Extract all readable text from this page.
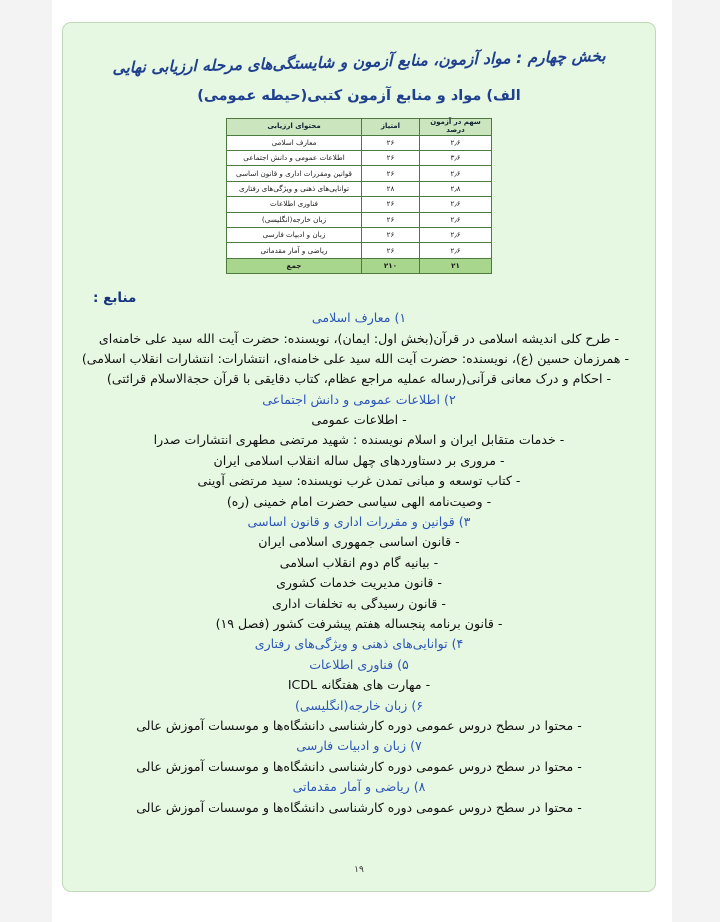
بخش چهارم : مواد آزمون، منابع آزمون و شایستگی‌های مرحله ارزیابی نهایی
الف) مواد و منابع آزمون کتبی(حیطه عمومی)
سهم در آزمون درصد	امتیاز	محتوای ارزیابی
۲٫۶	۲۶	معارف اسلامی
۳٫۶	۲۶	اطلاعات عمومی و دانش اجتماعی
۲٫۶	۲۶	قوانین ومقررات اداری و قانون اساسی
۲٫۸	۲۸	توانایی‌های ذهنی و ویژگی‌های رفتاری
۲٫۶	۲۶	فناوری اطلاعات
۲٫۶	۲۶	زبان خارجه(انگلیسی)
۲٫۶	۲۶	زبان و ادبیات فارسی
۲٫۶	۲۶	ریاضی و آمار مقدماتی
۲۱	۲۱۰	جمع
منابع :
۱) معارف اسلامی
- طرح کلی اندیشه اسلامی در قرآن(بخش اول: ایمان)، نویسنده: حضرت آیت الله سید علی خامنه‌ای
- همرزمان حسین (ع)، نویسنده: حضرت آیت الله سید علی خامنه‌ای، انتشارات: انتشارات انقلاب اسلامی)
- احکام و درک معانی قرآنی(رساله عملیه مراجع عظام، کتاب دقایقی با قرآن حجة‌الاسلام قرائتی)
۲) اطلاعات عمومی و دانش اجتماعی
- اطلاعات عمومی
- خدمات متقابل ایران و اسلام نویسنده : شهید مرتضی مطهری انتشارات صدرا
- مروری بر دستاوردهای چهل ساله انقلاب اسلامی ایران
- کتاب توسعه و مبانی تمدن غرب نویسنده: سید مرتضی آوینی
- وصیت‌نامه الهی سیاسی حضرت امام خمینی (ره)
۳) قوانین و مقررات اداری و قانون اساسی
- قانون اساسی جمهوری اسلامی ایران
- بیانیه گام دوم انقلاب اسلامی
- قانون مدیریت خدمات کشوری
- قانون رسیدگی به تخلفات اداری
- قانون برنامه پنجساله هفتم پیشرفت کشور (فصل ۱۹)
۴) توانایی‌های ذهنی و ویژگی‌های رفتاری
۵) فناوری اطلاعات
- مهارت های هفتگانه ICDL
۶) زبان خارجه(انگلیسی)
- محتوا در سطح دروس عمومی دوره کارشناسی دانشگاه‌ها و موسسات آموزش عالی
۷) زبان و ادبیات فارسی
- محتوا در سطح دروس عمومی دوره کارشناسی دانشگاه‌ها و موسسات آموزش عالی
۸) ریاضی و آمار مقدماتی
- محتوا در سطح دروس عمومی دوره کارشناسی دانشگاه‌ها و موسسات آموزش عالی
۱۹
